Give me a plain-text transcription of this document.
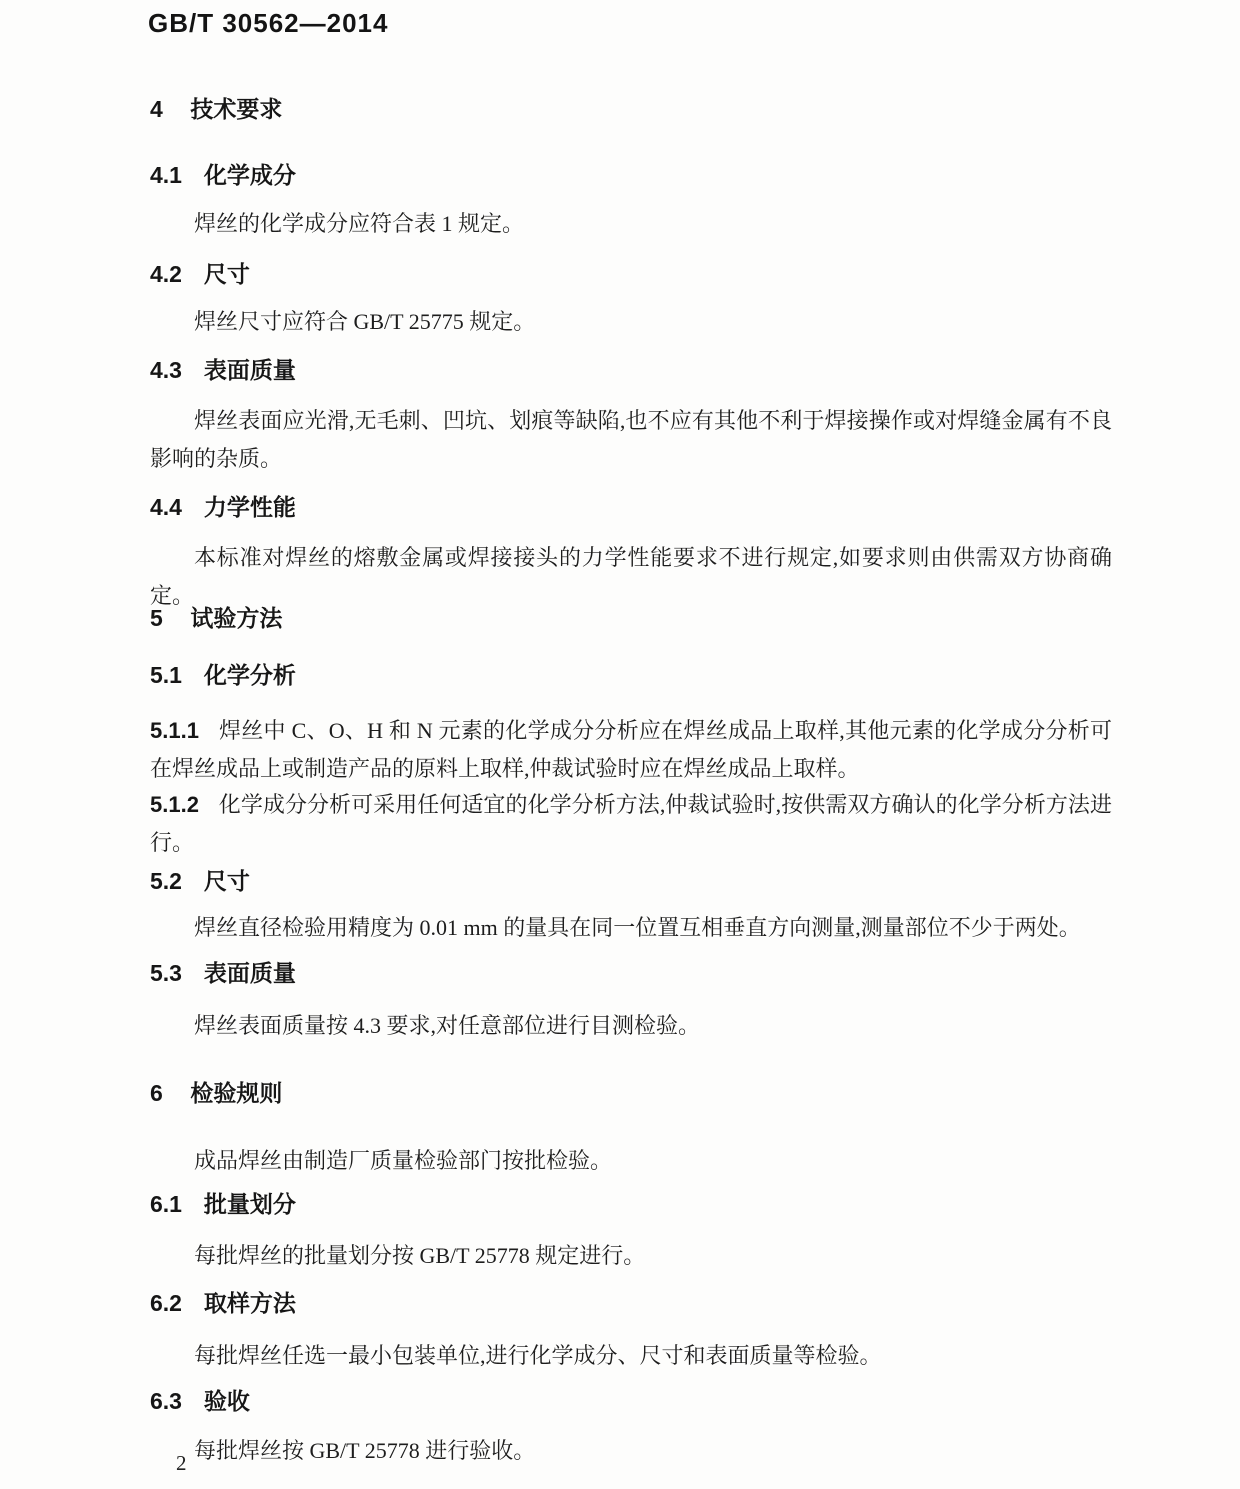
GB/T 30562—2014
4 技术要求
4.1 化学成分
焊丝的化学成分应符合表 1 规定。
4.2 尺寸
焊丝尺寸应符合 GB/T 25775 规定。
4.3 表面质量
焊丝表面应光滑,无毛刺、凹坑、划痕等缺陷,也不应有其他不利于焊接操作或对焊缝金属有不良影响的杂质。
4.4 力学性能
本标准对焊丝的熔敷金属或焊接接头的力学性能要求不进行规定,如要求则由供需双方协商确定。
5 试验方法
5.1 化学分析
5.1.1 焊丝中 C、O、H 和 N 元素的化学成分分析应在焊丝成品上取样,其他元素的化学成分分析可在焊丝成品上或制造产品的原料上取样,仲裁试验时应在焊丝成品上取样。
5.1.2 化学成分分析可采用任何适宜的化学分析方法,仲裁试验时,按供需双方确认的化学分析方法进行。
5.2 尺寸
焊丝直径检验用精度为 0.01 mm 的量具在同一位置互相垂直方向测量,测量部位不少于两处。
5.3 表面质量
焊丝表面质量按 4.3 要求,对任意部位进行目测检验。
6 检验规则
成品焊丝由制造厂质量检验部门按批检验。
6.1 批量划分
每批焊丝的批量划分按 GB/T 25778 规定进行。
6.2 取样方法
每批焊丝任选一最小包装单位,进行化学成分、尺寸和表面质量等检验。
6.3 验收
每批焊丝按 GB/T 25778 进行验收。
2
